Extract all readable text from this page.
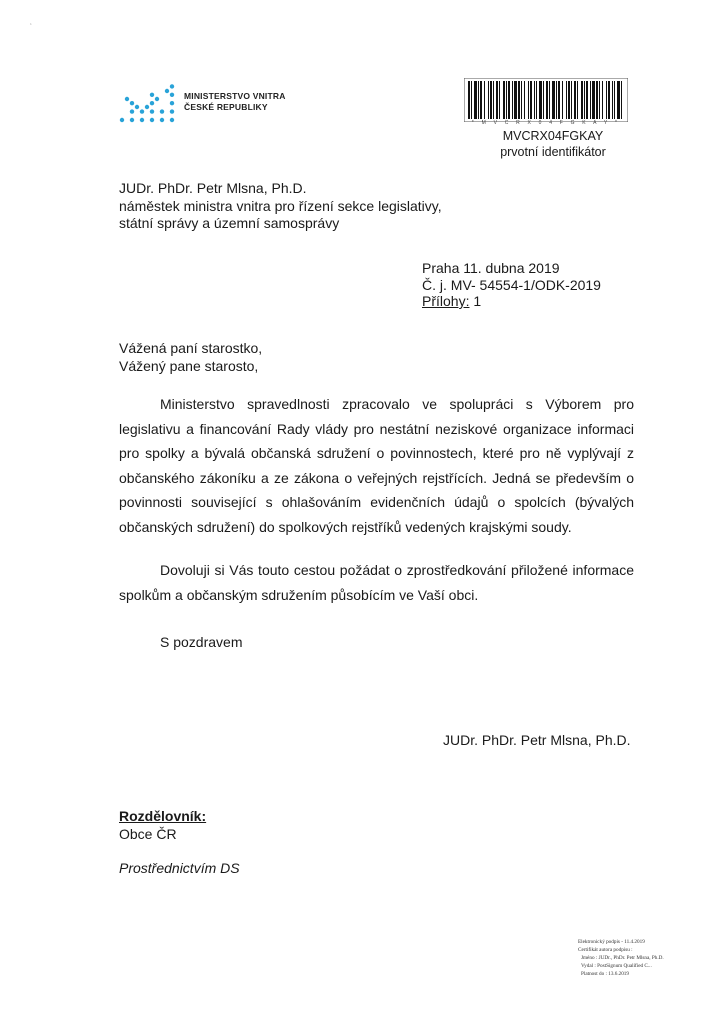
‘
MINISTERSTVO VNITRA
ČESKÉ REPUBLIKY
* M V C R X 0 4 F G K A Y *
MVCRX04FGKAY
prvotní identifikátor
JUDr. PhDr. Petr Mlsna, Ph.D.
náměstek ministra vnitra pro řízení sekce legislativy,
státní správy a územní samosprávy
Praha 11. dubna 2019
Č. j. MV- 54554-1/ODK-2019
Přílohy: 1
Vážená paní starostko,
Vážený pane starosto,
Ministerstvo spravedlnosti zpracovalo ve spolupráci s Výborem pro legislativu a financování Rady vlády pro nestátní neziskové organizace informaci pro spolky a bývalá občanská sdružení o povinnostech, které pro ně vyplývají z občanského zákoníku a ze zákona o veřejných rejstřících. Jedná se především o povinnosti související s ohlašováním evidenčních údajů o spolcích (bývalých občanských sdružení) do spolkových rejstříků vedených krajskými soudy.
Dovoluji si Vás touto cestou požádat o zprostředkování přiložené informace spolkům a občanským sdružením působícím ve Vaší obci.
S pozdravem
JUDr. PhDr. Petr Mlsna, Ph.D.
Rozdělovník:
Obce ČR
Prostřednictvím DS
Elektronický podpis - 11.4.2019
Certifikát autora podpisu :
Jméno : JUDr., PhDr. Petr Mlsna, Ph.D.
Vydal : PostSignum Qualified C...
Platnost do : 13.6.2019
